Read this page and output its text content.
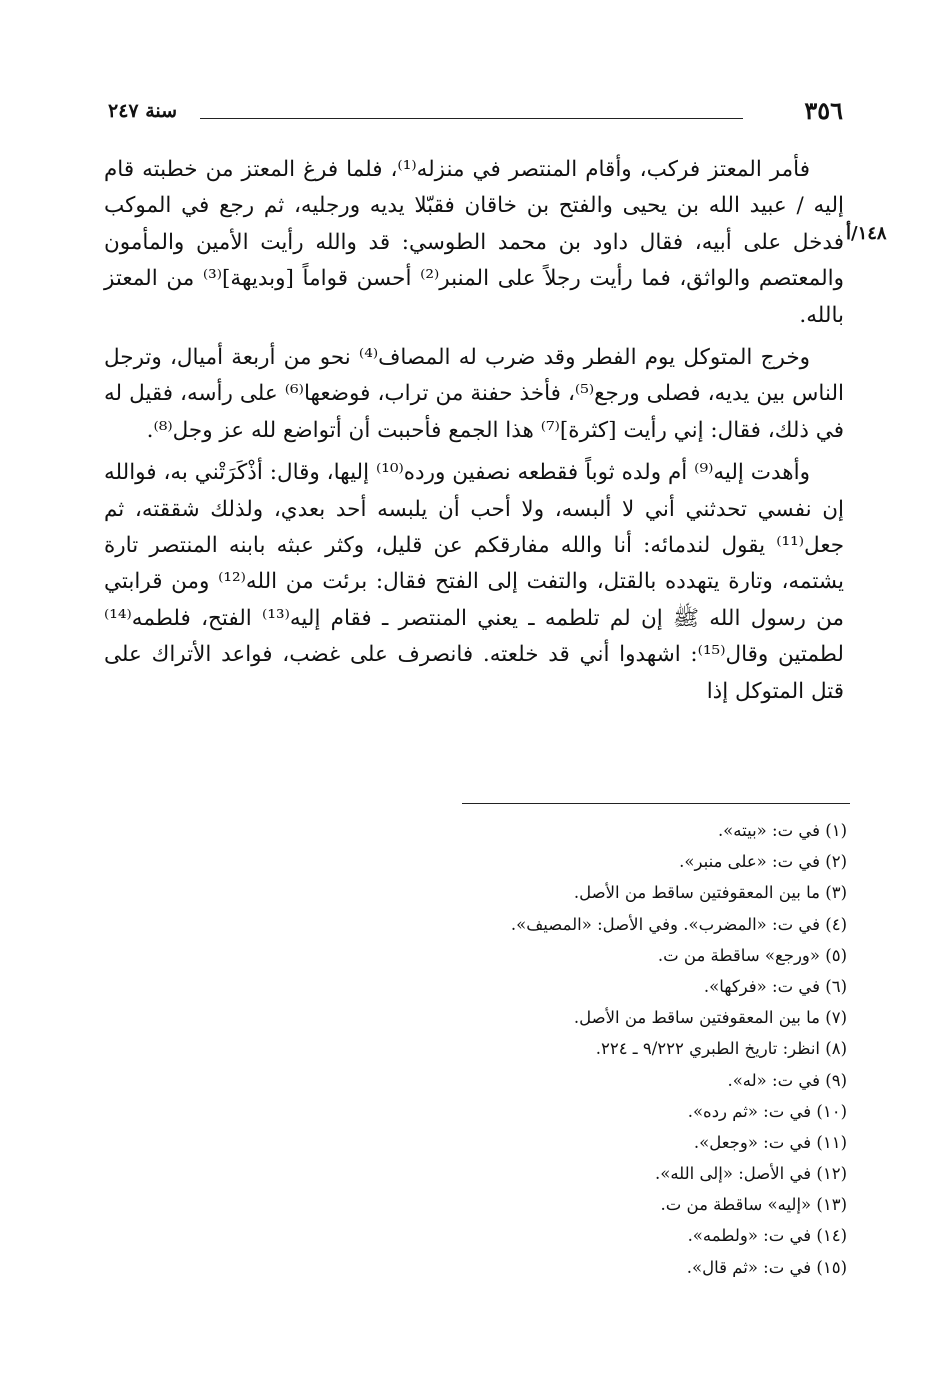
٣٥٦
سنة ٢٤٧
١٤٨/أ

فأمر المعتز فركب، وأقام المنتصر في منزله⁽¹⁾، فلما فرغ المعتز من خطبته قام إليه / عبيد الله بن يحيى والفتح بن خاقان فقبّلا يديه ورجليه، ثم رجع في الموكب فدخل على أبيه، فقال داود بن محمد الطوسي: قد والله رأيت الأمين والمأمون والمعتصم والواثق، فما رأيت رجلاً على المنبر⁽²⁾ أحسن قواماً [وبديهة]⁽³⁾ من المعتز بالله.

وخرج المتوكل يوم الفطر وقد ضرب له المصاف⁽⁴⁾ نحو من أربعة أميال، وترجل الناس بين يديه، فصلى ورجع⁽⁵⁾، فأخذ حفنة من تراب، فوضعها⁽⁶⁾ على رأسه، فقيل له في ذلك، فقال: إني رأيت [كثرة]⁽⁷⁾ هذا الجمع فأحببت أن أتواضع لله عز وجل⁽⁸⁾.

وأهدت إليه⁽⁹⁾ أم ولده ثوباً فقطعه نصفين ورده⁽¹⁰⁾ إليها، وقال: أذْكَرَتْني به، فوالله إن نفسي تحدثني أني لا ألبسه، ولا أحب أن يلبسه أحد بعدي، ولذلك شققته، ثم جعل⁽¹¹⁾ يقول لندمائه: أنا والله مفارقكم عن قليل، وكثر عبثه بابنه المنتصر تارة يشتمه، وتارة يتهدده بالقتل، والتفت إلى الفتح فقال: برئت من الله⁽¹²⁾ ومن قرابتي من رسول الله ﷺ إن لم تلطمه ـ يعني المنتصر ـ فقام إليه⁽¹³⁾ الفتح، فلطمه⁽¹⁴⁾ لطمتين وقال⁽¹⁵⁾: اشهدوا أني قد خلعته. فانصرف على غضب، فواعد الأتراك على قتل المتوكل إذا

(١) في ت: «بيته».
(٢) في ت: «على منبر».
(٣) ما بين المعقوفتين ساقط من الأصل.
(٤) في ت: «المضرب». وفي الأصل: «المصيف».
(٥) «ورجع» ساقطة من ت.
(٦) في ت: «فركها».
(٧) ما بين المعقوفتين ساقط من الأصل.
(٨) انظر: تاريخ الطبري ٩/٢٢٢ ـ ٢٢٤.
(٩) في ت: «له».
(١٠) في ت: «ثم رده».
(١١) في ت: «وجعل».
(١٢) في الأصل: «إلى الله».
(١٣) «إليه» ساقطة من ت.
(١٤) في ت: «ولطمه».
(١٥) في ت: «ثم قال».
